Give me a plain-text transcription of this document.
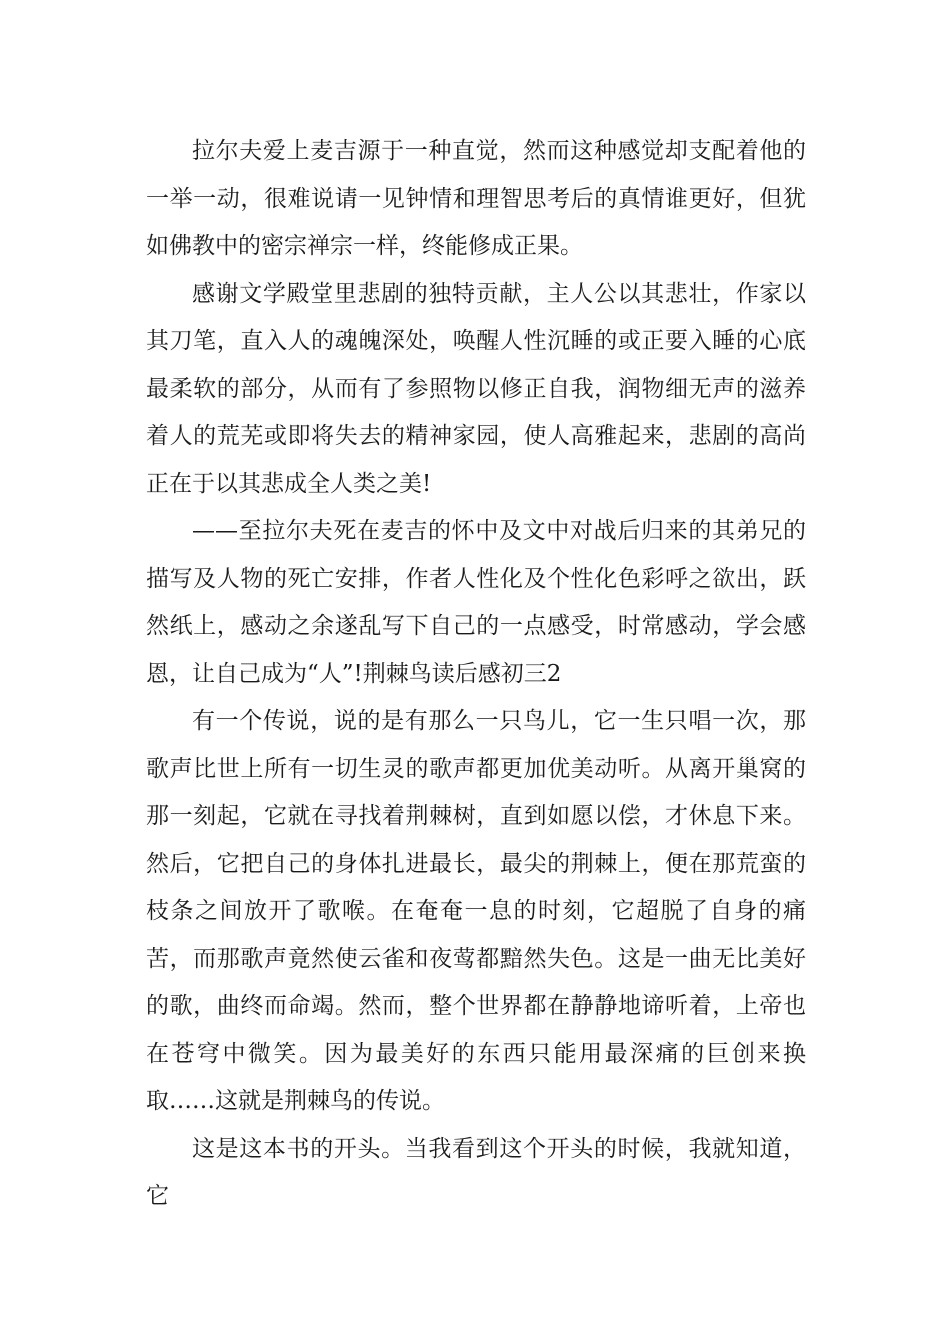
拉尔夫爱上麦吉源于一种直觉，然而这种感觉却支配着他的一举一动，很难说请一见钟情和理智思考后的真情谁更好，但犹如佛教中的密宗禅宗一样，终能修成正果。

感谢文学殿堂里悲剧的独特贡献，主人公以其悲壮，作家以其刀笔，直入人的魂魄深处，唤醒人性沉睡的或正要入睡的心底最柔软的部分，从而有了参照物以修正自我，润物细无声的滋养着人的荒芜或即将失去的精神家园，使人高雅起来，悲剧的高尚正在于以其悲成全人类之美!

——至拉尔夫死在麦吉的怀中及文中对战后归来的其弟兄的描写及人物的死亡安排，作者人性化及个性化色彩呼之欲出，跃然纸上，感动之余遂乱写下自己的一点感受，时常感动，学会感恩，让自己成为“人”!荆棘鸟读后感初三2

有一个传说，说的是有那么一只鸟儿，它一生只唱一次，那歌声比世上所有一切生灵的歌声都更加优美动听。从离开巢窝的那一刻起，它就在寻找着荆棘树，直到如愿以偿，才休息下来。然后，它把自己的身体扎进最长，最尖的荆棘上，便在那荒蛮的枝条之间放开了歌喉。在奄奄一息的时刻，它超脱了自身的痛苦，而那歌声竟然使云雀和夜莺都黯然失色。这是一曲无比美好的歌，曲终而命竭。然而，整个世界都在静静地谛听着，上帝也在苍穹中微笑。因为最美好的东西只能用最深痛的巨创来换取……这就是荆棘鸟的传说。

这是这本书的开头。当我看到这个开头的时候，我就知道，它
